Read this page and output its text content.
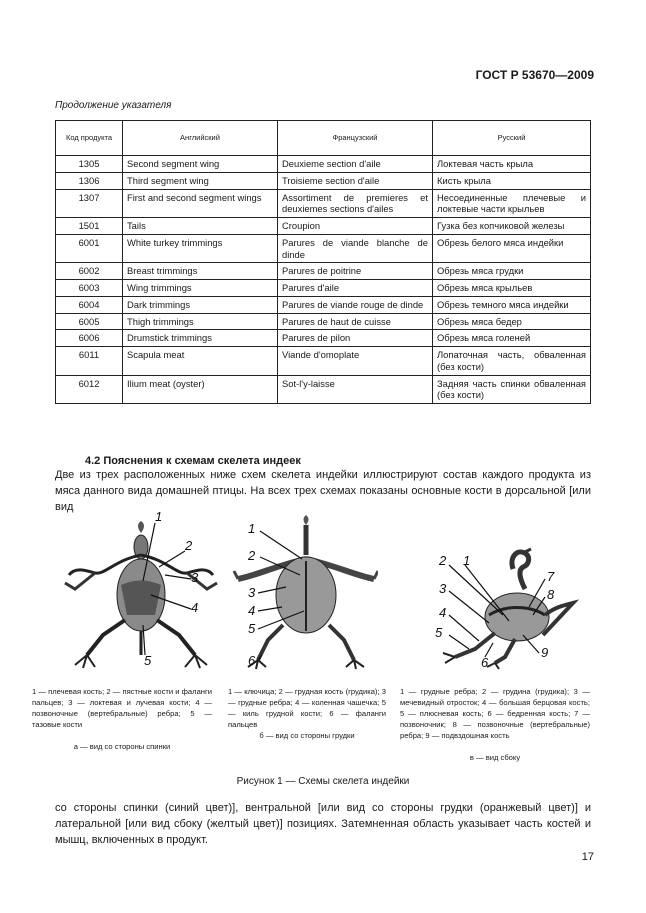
ГОСТ Р 53670—2009
Продолжение указателя
Код продукта	Английский	Французский	Русский
1305	Second segment wing	Deuxieme section d'aile	Локтевая часть крыла
1306	Third segment wing	Troisieme section d'aile	Кисть крыла
1307	First and second segment wings	Assortiment de premieres et deuxiemes sections d'ailes	Несоединенные плечевые и локтевые части крыльев
1501	Tails	Croupion	Гузка без копчиковой железы
6001	White turkey trimmings	Parures de viande blanche de dinde	Обрезь белого мяса индейки
6002	Breast trimmings	Parures de poitrine	Обрезь мяса грудки
6003	Wing trimmings	Parures d'aile	Обрезь мяса крыльев
6004	Dark trimmings	Parures de viande rouge de dinde	Обрезь темного мяса индейки
6005	Thigh trimmings	Parures de haut de cuisse	Обрезь мяса бедер
6006	Drumstick trimmings	Parures de pilon	Обрезь мяса голеней
6011	Scapula meat	Viande d'omoplate	Лопаточная часть, обваленная (без кости)
6012	Ilium meat (oyster)	Sot-l'y-laisse	Задняя часть спинки обваленная (без кости)
4.2 Пояснения к схемам скелета индеек
Две из трех расположенных ниже схем скелета индейки иллюстрируют состав каждого продукта из мяса данного вида домашней птицы. На всех трех схемах показаны основные кости в дорсальной [или вид
1
2
3
4
5
1
2
3
4
5
6
2 1
3
4
5
6
7
8
9
1 — плечевая кость; 2 — пястные кости и фаланги пальцев; 3 — локтевая и лучевая кости; 4 — позвоночные (вертебральные) ребра; 5 — тазовые кости
а — вид со стороны спинки
1 — ключица; 2 — грудная кость (грудика); 3 — грудные ребра; 4 — коленная чашечка; 5 — киль грудной кости; 6 — фаланги пальцев
б — вид со стороны грудки
1 — грудные ребра; 2 — грудина (грудика); 3 — мечевидный отросток; 4 — большая берцовая кость; 5 — плюсневая кость; 6 — бедренная кость; 7 — позвоночник; 8 — позвоночные (вертебральные) ребра; 9 — подвздошная кость
в — вид сбоку
Рисунок 1 — Схемы скелета индейки
со стороны спинки (синий цвет)], вентральной [или вид со стороны грудки (оранжевый цвет)] и латеральной [или вид сбоку (желтый цвет)] позициях. Затемненная область указывает часть костей и мышц, включенных в продукт.
17
